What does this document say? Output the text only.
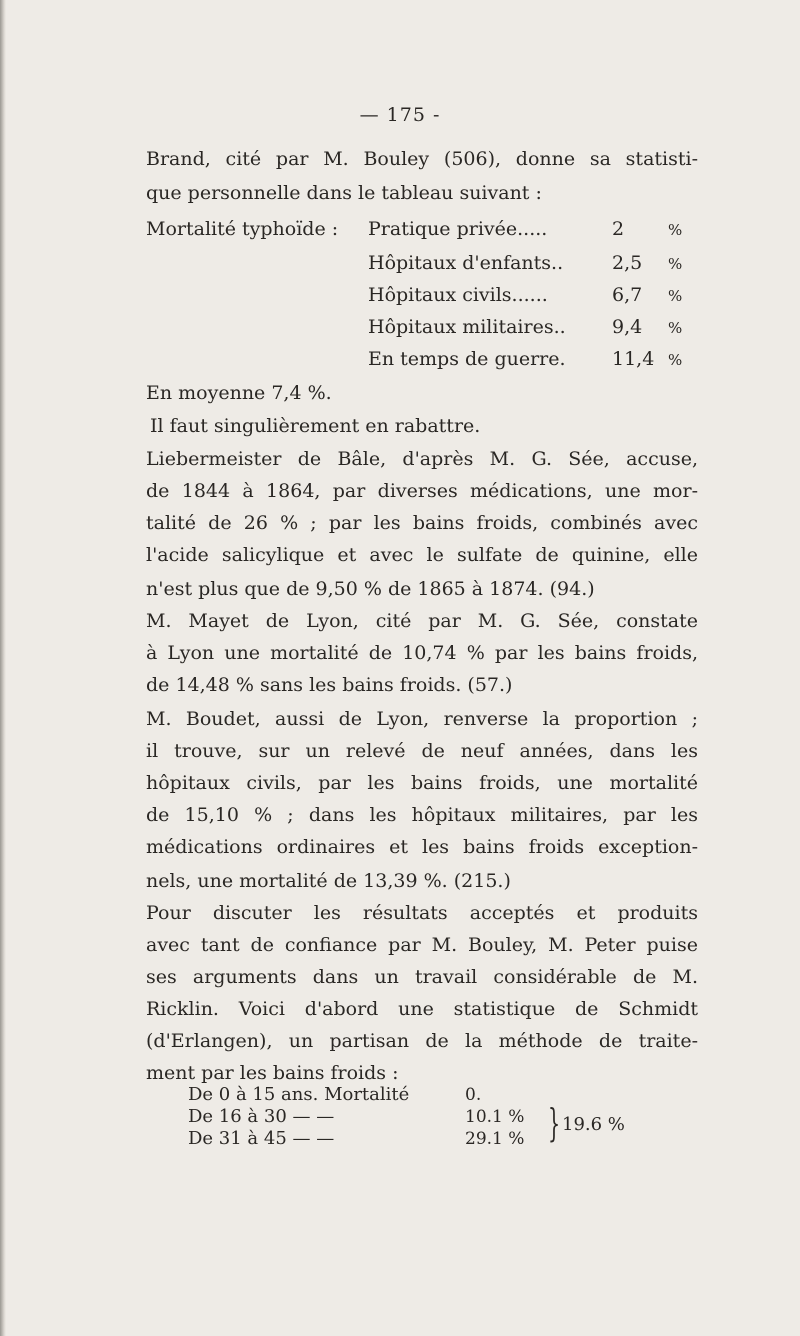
— 175 -
Brand, cité par M. Bouley (506), donne sa statisti-
que personnelle dans le tableau suivant :
Mortalité typhoïde : Pratique privée.....	2	%
Hôpitaux d'enfants..	2,5	%
Hôpitaux civils......	6,7	%
Hôpitaux militaires..	9,4	%
En temps de guerre.	11,4 %
En moyenne 7,4 %.
Il faut singulièrement en rabattre.
Liebermeister de Bâle, d'après M. G. Sée, accuse,
de 1844 à 1864, par diverses médications, une mor-
talité de 26 % ; par les bains froids, combinés avec
l'acide salicylique et avec le sulfate de quinine, elle
n'est plus que de 9,50 % de 1865 à 1874. (94.)
M. Mayet de Lyon, cité par M. G. Sée, constate
à Lyon une mortalité de 10,74 % par les bains froids,
de 14,48 % sans les bains froids. (57.)
M. Boudet, aussi de Lyon, renverse la proportion ;
il trouve, sur un relevé de neuf années, dans les
hôpitaux civils, par les bains froids, une mortalité
de 15,10 % ; dans les hôpitaux militaires, par les
médications ordinaires et les bains froids exception-
nels, une mortalité de 13,39 %. (215.)
Pour discuter les résultats acceptés et produits
avec tant de confiance par M. Bouley, M. Peter puise
ses arguments dans un travail considérable de M.
Ricklin. Voici d'abord une statistique de Schmidt
(d'Erlangen), un partisan de la méthode de traite-
ment par les bains froids :
De 0 à 15 ans. Mortalité	0.
De 16 à 30 — —	10.1 %
De 31 à 45 — —	29.1 % } 19.6 %
